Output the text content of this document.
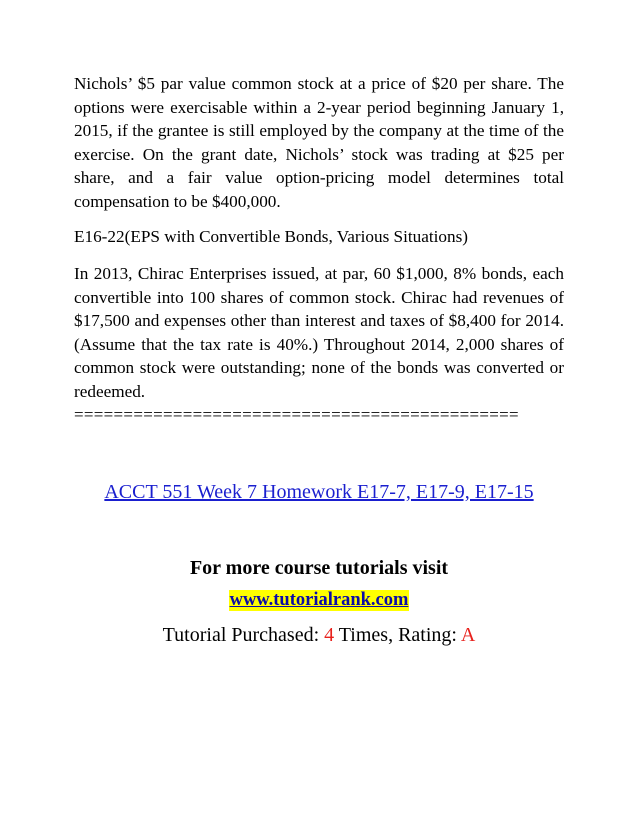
Nichols’ $5 par value common stock at a price of $20 per share. The options were exercisable within a 2-year period beginning January 1, 2015, if the grantee is still employed by the company at the time of the exercise. On the grant date, Nichols’ stock was trading at $25 per share, and a fair value option-pricing model determines total compensation to be $400,000.

E16-22(EPS with Convertible Bonds, Various Situations)

In 2013, Chirac Enterprises issued, at par, 60 $1,000, 8% bonds, each convertible into 100 shares of common stock. Chirac had revenues of $17,500 and expenses other than interest and taxes of $8,400 for 2014. (Assume that the tax rate is 40%.) Throughout 2014, 2,000 shares of common stock were outstanding; none of the bonds was converted or redeemed.

=============================================
ACCT 551 Week 7 Homework E17-7, E17-9, E17-15
For more course tutorials visit
www.tutorialrank.com
Tutorial Purchased: 4 Times, Rating: A
